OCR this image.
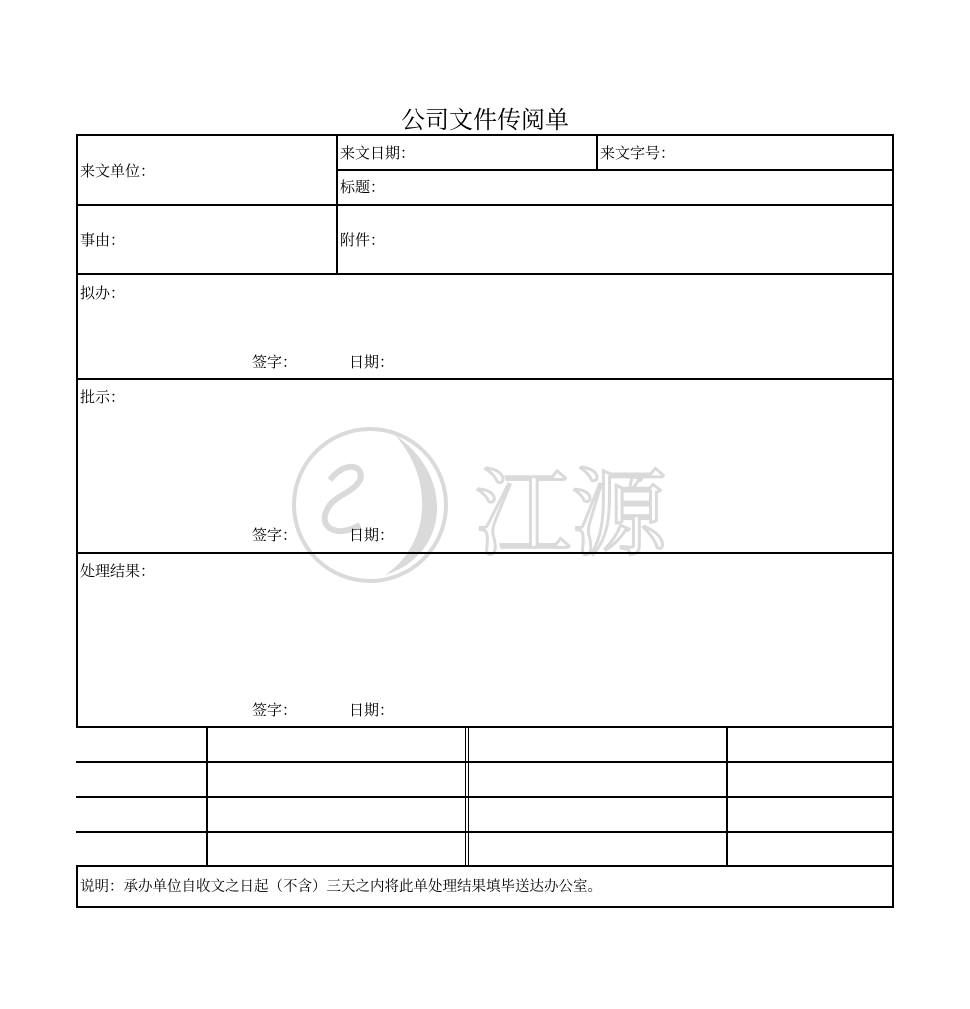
公司文件传阅单
来文单位：
来文日期：	来文字号：
标题：
事由：	附件：
拟办：
签字：	日期：
批示：
签字：	日期：
处理结果：
签字：	日期：
说明：承办单位自收文之日起（不含）三天之内将此单处理结果填毕送达办公室。
江源
